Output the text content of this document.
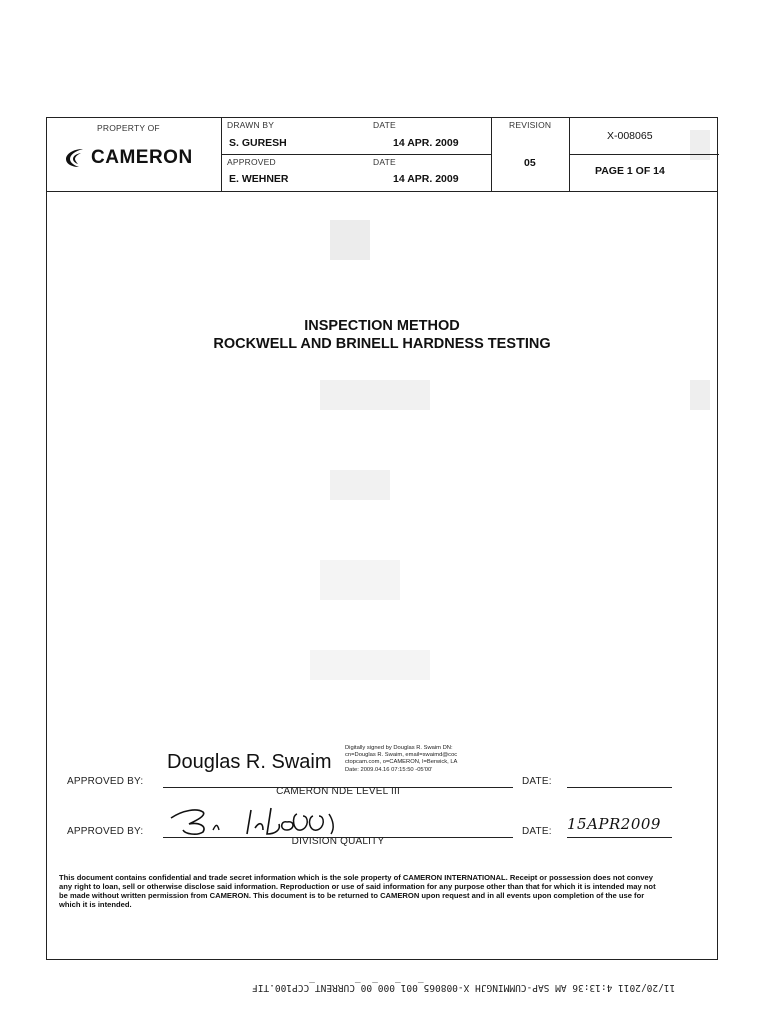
PROPERTY OF
CAMERON
DRAWN BY
S. GURESH
DATE
14 APR. 2009
APPROVED
E. WEHNER
DATE
14 APR. 2009
REVISION
05
X-008065
PAGE 1 OF 14
INSPECTION METHOD
ROCKWELL AND BRINELL HARDNESS TESTING
APPROVED BY:
Douglas R. Swaim
Digitally signed by Douglas R. Swaim DN: cn=Douglas R. Swaim, email=swaimd@coc ctopcam.com, o=CAMERON, l=Berwick, LA Date: 2009.04.16 07:15:50 -05'00'
CAMERON NDE LEVEL III
DATE:
APPROVED BY:
DIVISION QUALITY
DATE: 15APR2009
This document contains confidential and trade secret information which is the sole property of CAMERON INTERNATIONAL. Receipt or possession does not convey any right to loan, sell or otherwise disclose said information. Reproduction or use of said information for any purpose other than that for which it is intended may not be made without written permission from CAMERON. This document is to be returned to CAMERON upon request and in all events upon completion of the use for which it is intended.
11/20/2011 4:13:36 AM SAP-CUMMINGJH X-008065_001_000_00_CURRENT_CCP100.TIF
